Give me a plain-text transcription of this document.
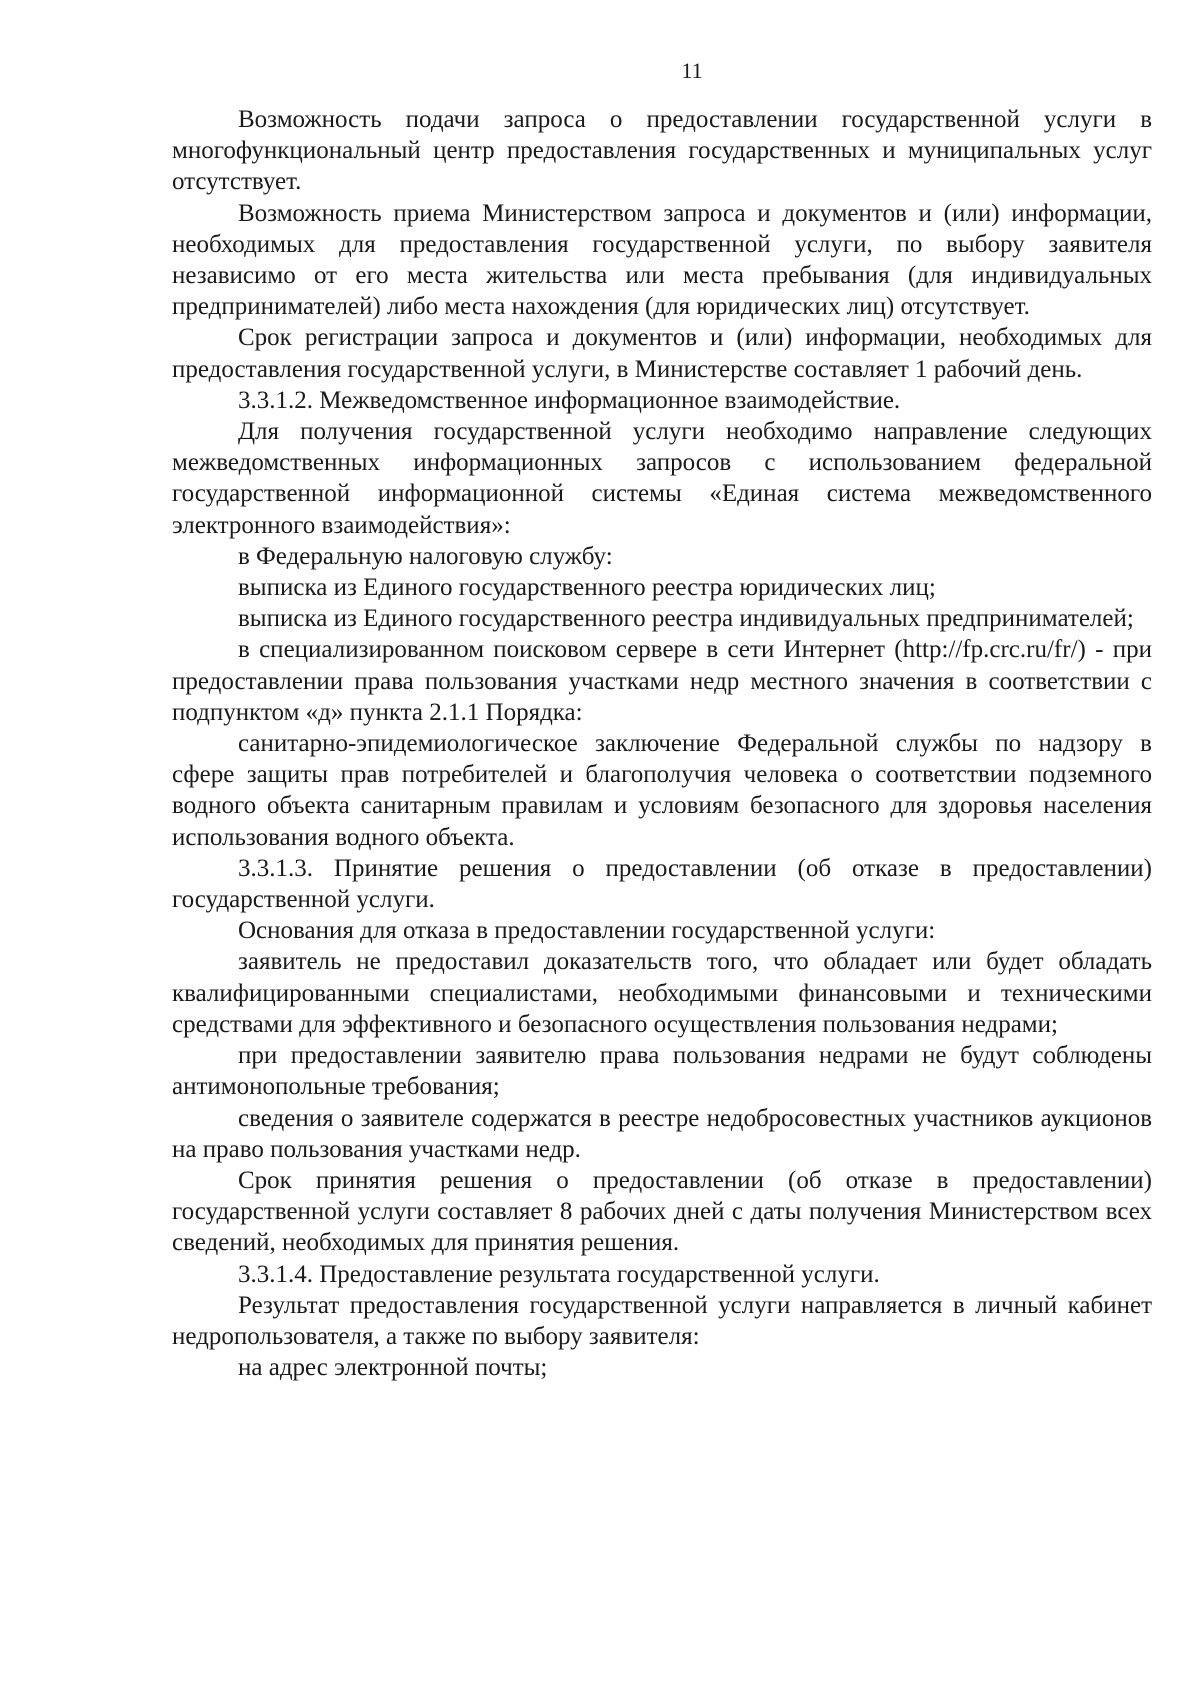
11

Возможность подачи запроса о предоставлении государственной услуги в многофункциональный центр предоставления государственных и муниципальных услуг отсутствует.

Возможность приема Министерством запроса и документов и (или) информации, необходимых для предоставления государственной услуги, по выбору заявителя независимо от его места жительства или места пребывания (для индивидуальных предпринимателей) либо места нахождения (для юридических лиц) отсутствует.

Срок регистрации запроса и документов и (или) информации, необходимых для предоставления государственной услуги, в Министерстве составляет 1 рабочий день.

3.3.1.2. Межведомственное информационное взаимодействие.

Для получения государственной услуги необходимо направление следующих межведомственных информационных запросов с использованием федеральной государственной информационной системы «Единая система межведомственного электронного взаимодействия»:

в Федеральную налоговую службу:

выписка из Единого государственного реестра юридических лиц;

выписка из Единого государственного реестра индивидуальных предпринимателей;

в специализированном поисковом сервере в сети Интернет (http://fp.crc.ru/fr/) - при предоставлении права пользования участками недр местного значения в соответствии с подпунктом «д» пункта 2.1.1 Порядка:

санитарно-эпидемиологическое заключение Федеральной службы по надзору в сфере защиты прав потребителей и благополучия человека о соответствии подземного водного объекта санитарным правилам и условиям безопасного для здоровья населения использования водного объекта.

3.3.1.3. Принятие решения о предоставлении (об отказе в предоставлении) государственной услуги.

Основания для отказа в предоставлении государственной услуги:

заявитель не предоставил доказательств того, что обладает или будет обладать квалифицированными специалистами, необходимыми финансовыми и техническими средствами для эффективного и безопасного осуществления пользования недрами;

при предоставлении заявителю права пользования недрами не будут соблюдены антимонопольные требования;

сведения о заявителе содержатся в реестре недобросовестных участников аукционов на право пользования участками недр.

Срок принятия решения о предоставлении (об отказе в предоставлении) государственной услуги составляет 8 рабочих дней с даты получения Министерством всех сведений, необходимых для принятия решения.

3.3.1.4. Предоставление результата государственной услуги.

Результат предоставления государственной услуги направляется в личный кабинет недропользователя, а также по выбору заявителя:

на адрес электронной почты;
